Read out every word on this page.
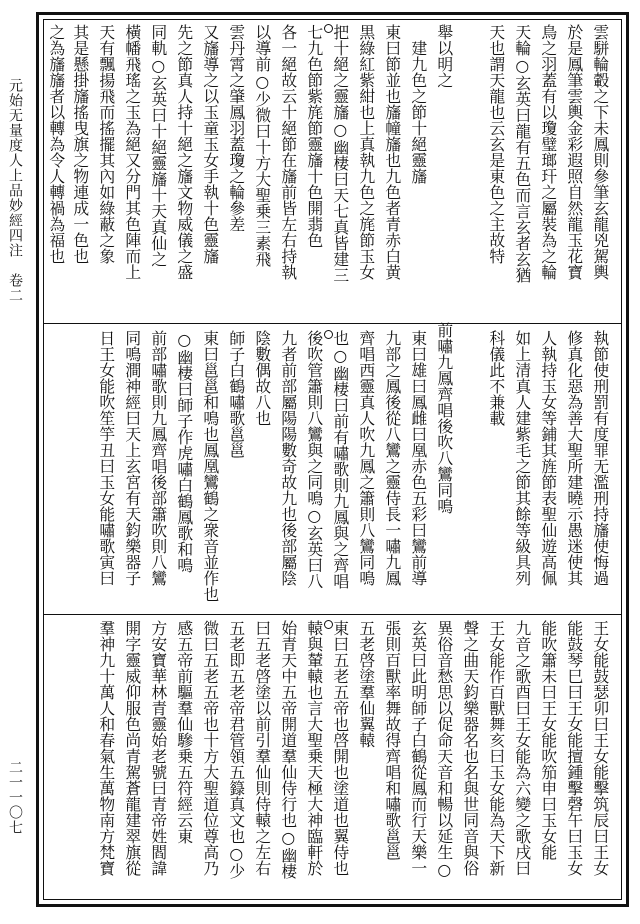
元始无量度人上品妙經四注　卷二
二一一〇七
雲駢輪轂之下未鳳則參筆玄龍兇駕輿
於是鳳筆雲輿金彩遐照自然龍玉花寶
鳥之羽蓋有以瓊璧瑯玕之屬裝為之輪
天輪○玄英曰龍有五色而言玄者玄猶
天也謂天龍也云玄是東色之主故特
舉以明之
建九色之節十絕靈旛
東曰節並也旛幢旛也九色者青赤白黄
黒綠紅紫紺也上真執九色之旄節玉女
把十絕之靈旛○幽棲曰天七真皆建三
七九色節紫旄節靈旛十色開翡色
各一絕故云十絕節在旛前皆左右持執
以導前○少微曰十方大聖乗三素飛
雲丹霄之肇鳳羽蓋瓊之輪參差
又旛導之以玉童玉女手執十色靈旛
先之節真人持十絕之旛文物威儀之盛
同軌○玄英曰十絕靈旛十天真仙之
橫幡飛瑤之玉為絕又分門其色陣而上
天有飄揚飛而搖擺其內如綠蔽之象
其是懸掛旛搖曳旗之物連成一色也
之為旛旛者以轉為令人轉禍為福也
執節使刑罰有度罪无濫刑持旛使悔過
修真化惡為善大聖所建曉示愚迷使其
人執持玉女等鋪其旌節表聖仙遊高佩
如上清真人建紫毛之節其餘等級具列
科儀此不兼載
前嘯九鳳齊唱後吹八鸞同鳴
東曰雄曰鳳雌曰凰赤色五彩曰鸞前導
九部之鳳後從八鸞之靈侍長一嘯九鳳
齊唱西靈真人吹九鳳之簫則八鸞同鳴
也○幽棲曰前有嘯歌則九鳳與之齊唱
後吹管簫則八鸞與之同鳴○玄英曰八
九者前部屬陽陽數奇故九也後部屬陰
陰數偶故八也
師子白鶴嘯歌邕邕
東曰邕邕和鳴也鳳凰鸞鶴之衆音並作也
○幽棲曰師子作虎嘯白鶴鳳歌和鳴
前部嘯歌則九鳳齊唱後部簫吹則八鸞
同鳴澗神經曰天上玄宮有天鈞樂器子
日王女能吹笙竽丑曰玉女能嘯歌寅曰
王女能鼓瑟卯曰王女能擊筑辰曰王女
能鼓琴巳曰王女能擅鍾擊磬午曰玉女
能吹簫未曰王女能吹笳申曰玉女能
九音之歌酉曰王女能為六變之歌戌曰
王女能作百獸舞亥曰玉女能為天下新
聲之曲天鈞樂器名也名與世同音與俗
異俗音愁思以促命天音和暢以延生○
玄英曰此明師子白鶴從鳳而行天樂一
張則百獸率舞故得齊唱和嘯歌邕邕
五老啓塗羣仙翼轅
東曰五老五帝也啓開也塗道也翼侍也
轅與輦轅也言大聖乗天極大神臨軒於
始青天中五帝開道羣仙侍行也○幽棲
曰五老啓塗以前引羣仙則侍轅之左右
五老即五老帝君管領五籙真文也○少
微曰五老五帝也十方大聖道位尊高乃
感五帝前驅羣仙驂乗五符經云東
方安寶華林青靈始老號曰青帝姓閻諱
開字靈威仰服色尚青駕蒼龍建翠旗從
羣神九十萬人和春氣生萬物南方梵寶
